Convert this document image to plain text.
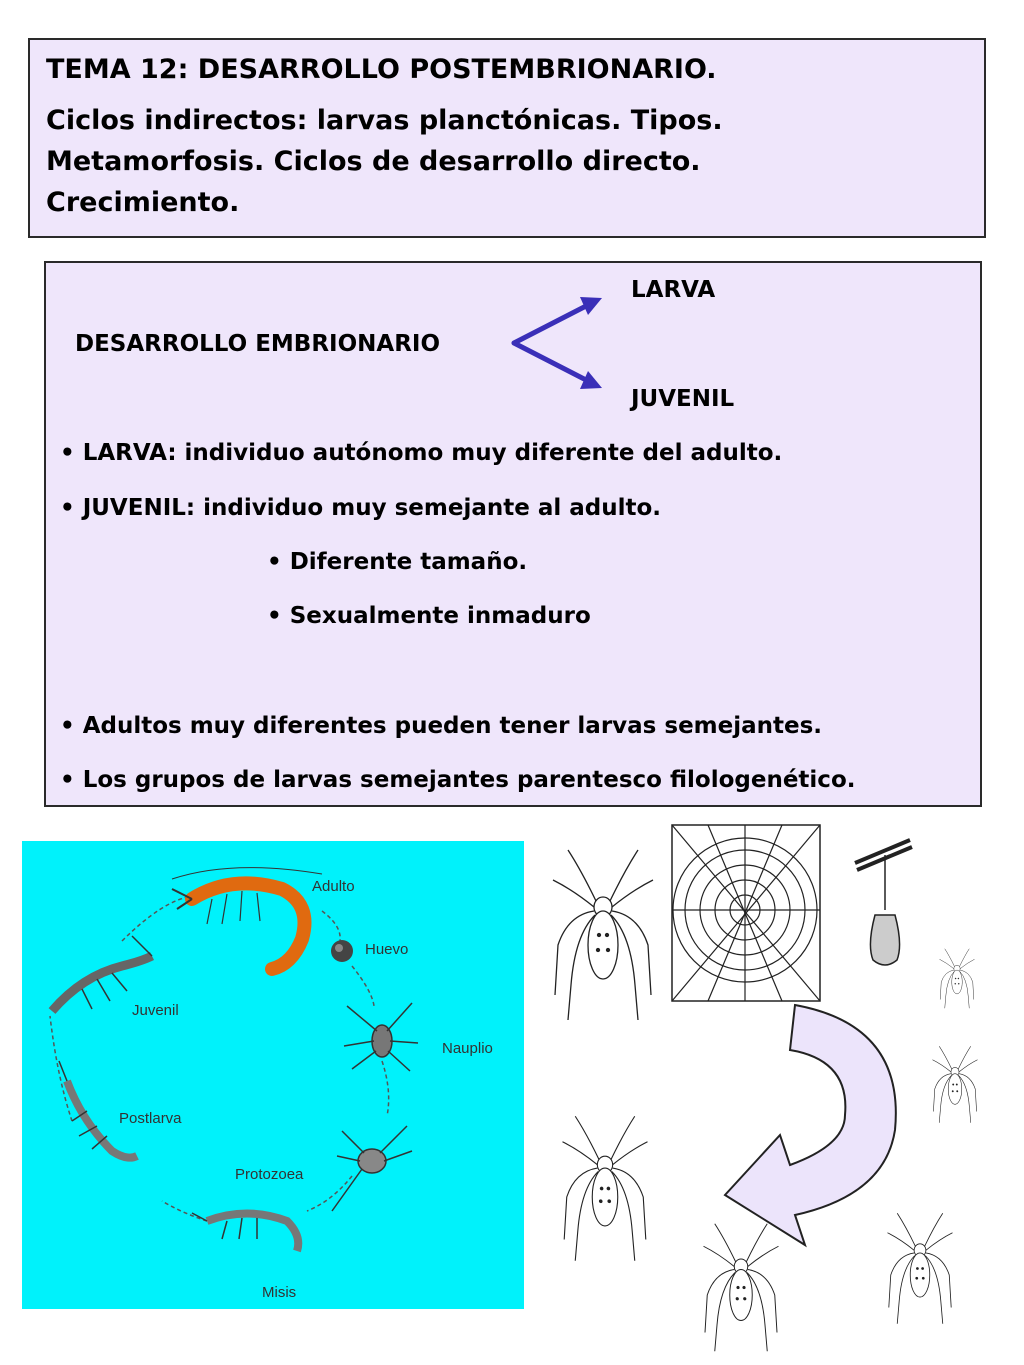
TEMA 12: DESARROLLO POSTEMBRIONARIO.

Ciclos indirectos: larvas planctónicas. Tipos.

Metamorfosis. Ciclos de desarrollo directo.

Crecimiento.

LARVA
DESARROLLO EMBRIONARIO
JUVENIL
• LARVA: individuo autónomo muy diferente del adulto.
• JUVENIL: individuo muy semejante al adulto.
• Diferente tamaño.
• Sexualmente inmaduro
• Adultos muy diferentes pueden tener larvas semejantes.
• Los grupos de larvas semejantes parentesco filologenético.
Adulto
Huevo
Nauplio
Protozoea
Misis
Postlarva
Juvenil
